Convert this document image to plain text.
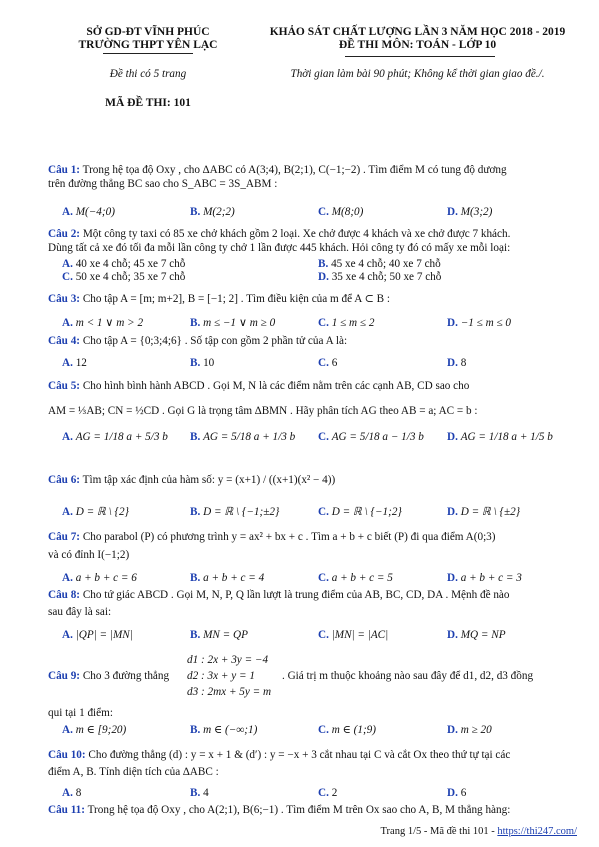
SỞ GD-ĐT VĨNH PHÚC
TRƯỜNG THPT YÊN LẠC
Đề thi có 5 trang
MÃ ĐỀ THI: 101
KHẢO SÁT CHẤT LƯỢNG LẦN 3 NĂM HỌC 2018 - 2019
ĐỀ THI MÔN: TOÁN - LỚP 10
Thời gian làm bài 90 phút; Không kể thời gian giao đề./.
Câu 1: Trong hệ tọa độ Oxy , cho ∆ABC có A(3;4), B(2;1), C(−1;−2) . Tìm điểm M có tung độ dương
trên đường thẳng BC sao cho S_ABC = 3S_ABM :
A. M(−4;0)	B. M(2;2)	C. M(8;0)	D. M(3;2)
Câu 2: Một công ty taxi có 85 xe chở khách gồm 2 loại. Xe chở được 4 khách và xe chở được 7 khách.
Dùng tất cả xe đó tối đa mỗi lần công ty chở 1 lần được 445 khách. Hỏi công ty đó có mấy xe mỗi loại:
A. 40 xe 4 chỗ; 45 xe 7 chỗ	B. 45 xe 4 chỗ; 40 xe 7 chỗ
C. 50 xe 4 chỗ; 35 xe 7 chỗ	D. 35 xe 4 chỗ; 50 xe 7 chỗ
Câu 3: Cho tập A = [m; m+2], B = [−1; 2] . Tìm điều kiện của m để A ⊂ B :
A. m < 1 ∨ m > 2	B. m ≤ −1 ∨ m ≥ 0	C. 1 ≤ m ≤ 2	D. −1 ≤ m ≤ 0
Câu 4: Cho tập A = {0;3;4;6} . Số tập con gồm 2 phần tử của A là:
A. 12	B. 10	C. 6	D. 8
Câu 5: Cho hình bình hành ABCD . Gọi M, N là các điểm nằm trên các cạnh AB, CD sao cho
AM = ⅓AB; CN = ½CD . Gọi G là trọng tâm ∆BMN . Hãy phân tích AG theo AB = a; AC = b :
A. AG = 1/18 a + 5/3 b B. AG = 5/18 a + 1/3 b C. AG = 5/18 a − 1/3 b D. AG = 1/18 a + 1/5 b
Câu 6: Tìm tập xác định của hàm số: y = (x+1) / ((x+1)(x² − 4))
A. D = ℝ \ {2}	B. D = ℝ \ {−1;±2}	C. D = ℝ \ {−1;2}	D. D = ℝ \ {±2}
Câu 7: Cho parabol (P) có phương trình y = ax² + bx + c . Tìm a + b + c biết (P) đi qua điểm A(0;3)
và có đỉnh I(−1;2)
A. a + b + c = 6	B. a + b + c = 4	C. a + b + c = 5	D. a + b + c = 3
Câu 8: Cho tứ giác ABCD . Gọi M, N, P, Q lần lượt là trung điểm của AB, BC, CD, DA . Mệnh đề nào
sau đây là sai:
A. |QP| = |MN|	B. MN = QP	C. |MN| = |AC|	D. MQ = NP
d1 : 2x + 3y = −4
d2 : 3x + y = 1
d3 : 2mx + 5y = m
Câu 9: Cho 3 đường thẳng	. Giá trị m thuộc khoảng nào sau đây để d1, d2, d3 đồng
qui tại 1 điểm:
A. m ∈ [9;20)	B. m ∈ (−∞;1)	C. m ∈ (1;9)	D. m ≥ 20
Câu 10: Cho đường thẳng (d) : y = x + 1 & (d′) : y = −x + 3 cắt nhau tại C và cắt Ox theo thứ tự tại các
điểm A, B. Tính diện tích của ∆ABC :
A. 8	B. 4	C. 2	D. 6
Câu 11: Trong hệ tọa độ Oxy , cho A(2;1), B(6;−1) . Tìm điểm M trên Ox sao cho A, B, M thẳng hàng:
Trang 1/5 - Mã đề thi 101 - https://thi247.com/
